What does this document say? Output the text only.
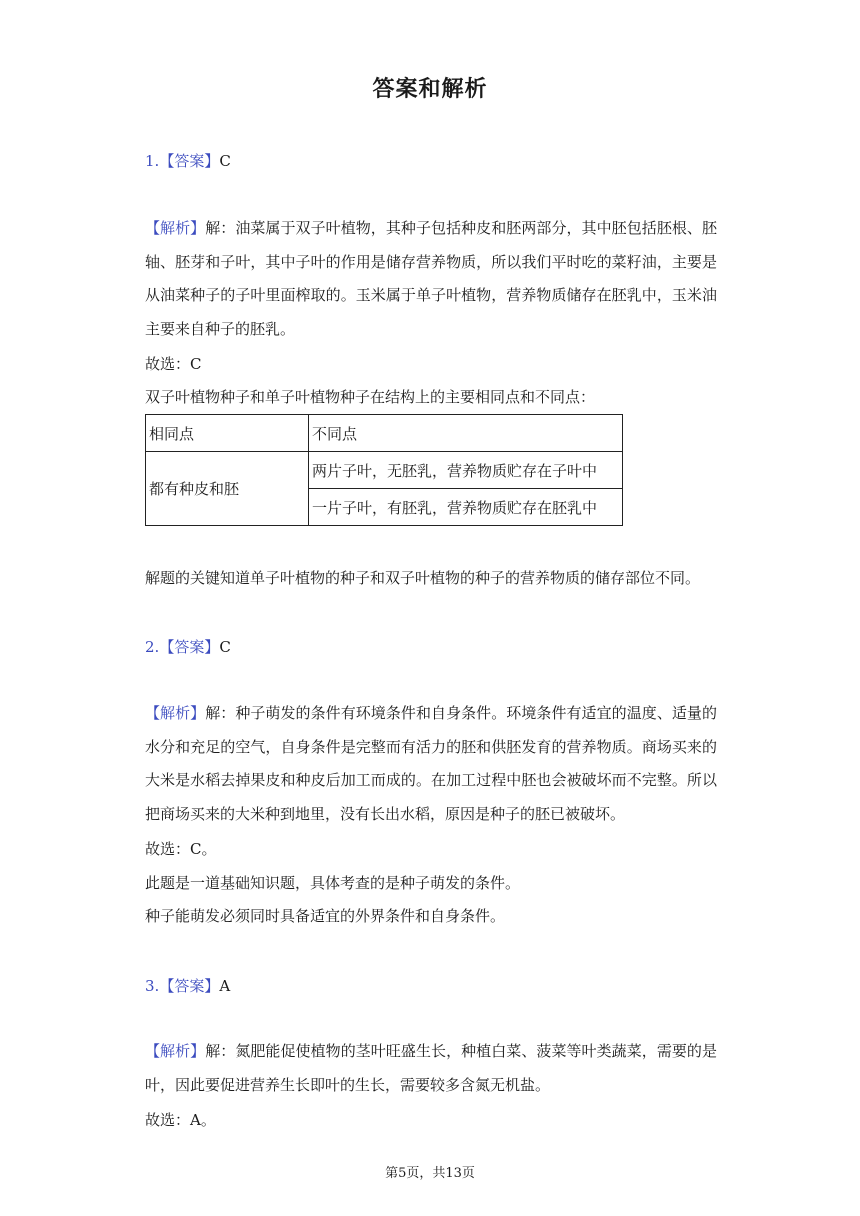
答案和解析
1.【答案】C
【解析】解：油菜属于双子叶植物，其种子包括种皮和胚两部分，其中胚包括胚根、胚轴、胚芽和子叶，其中子叶的作用是储存营养物质，所以我们平时吃的菜籽油，主要是从油菜种子的子叶里面榨取的。玉米属于单子叶植物，营养物质储存在胚乳中，玉米油主要来自种子的胚乳。
故选：C
双子叶植物种子和单子叶植物种子在结构上的主要相同点和不同点：
相同点	不同点
都有种皮和胚	两片子叶，无胚乳，营养物质贮存在子叶中
	一片子叶，有胚乳，营养物质贮存在胚乳中
解题的关键知道单子叶植物的种子和双子叶植物的种子的营养物质的储存部位不同。
2.【答案】C
【解析】解：种子萌发的条件有环境条件和自身条件。环境条件有适宜的温度、适量的水分和充足的空气，自身条件是完整而有活力的胚和供胚发育的营养物质。商场买来的大米是水稻去掉果皮和种皮后加工而成的。在加工过程中胚也会被破坏而不完整。所以把商场买来的大米种到地里，没有长出水稻，原因是种子的胚已被破坏。
故选：C。
此题是一道基础知识题，具体考查的是种子萌发的条件。
种子能萌发必须同时具备适宜的外界条件和自身条件。
3.【答案】A
【解析】解：氮肥能促使植物的茎叶旺盛生长，种植白菜、菠菜等叶类蔬菜，需要的是叶，因此要促进营养生长即叶的生长，需要较多含氮无机盐。
故选：A。
第5页，共13页
